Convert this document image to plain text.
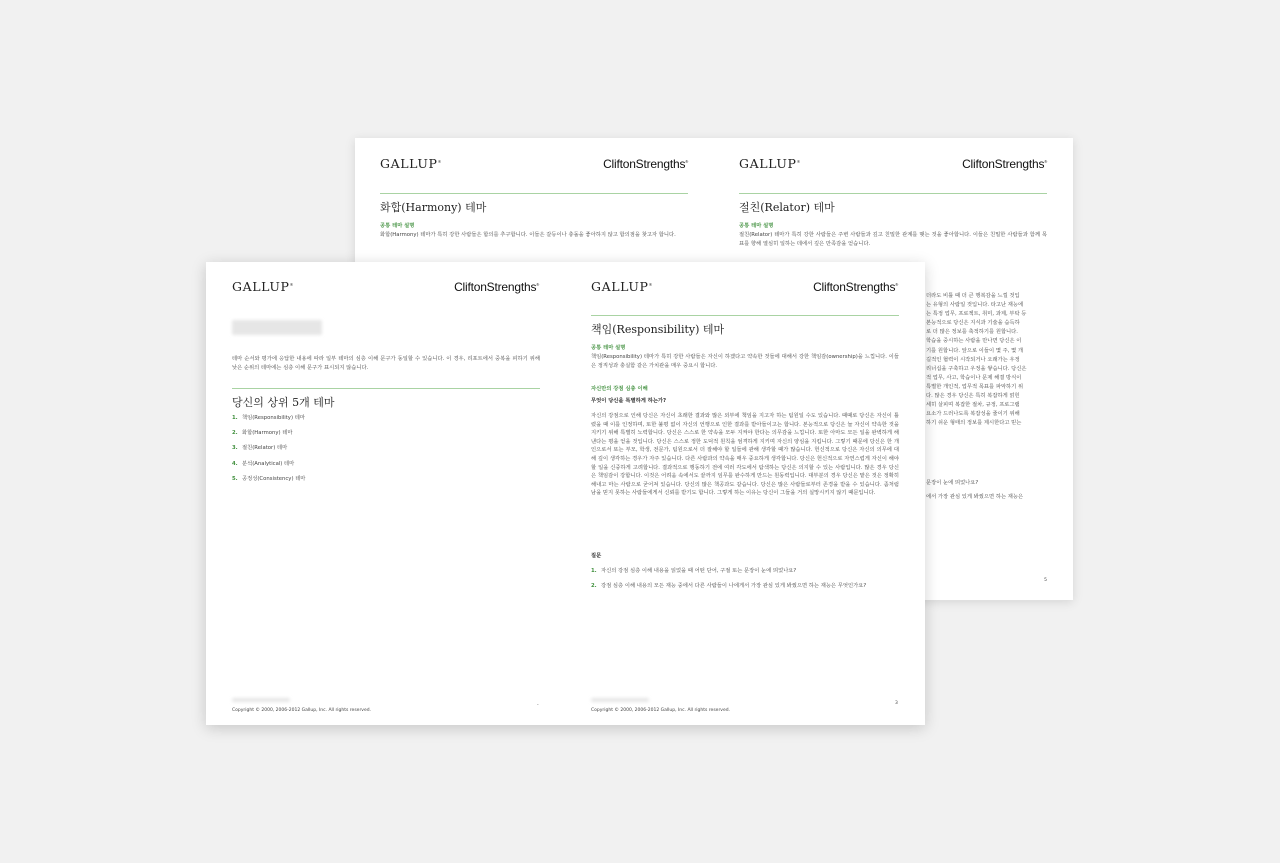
GALLUP®	CliftonStrengths®
화합(Harmony) 테마
공통 테마 설명
화합(Harmony) 테마가 특히 강한 사람들은 합의를 추구합니다. 이들은 갈등이나 충돌을 좋아하지 않고 합의점을 찾고자 합니다.
GALLUP®	CliftonStrengths®
절친(Relator) 테마
공통 테마 설명
절친(Relator) 테마가 특히 강한 사람들은 주변 사람들과 깊고 친밀한 관계를 맺는 것을 좋아합니다. 이들은 친밀한 사람들과 함께 목표를 향해 열심히 일하는 데에서 깊은 만족감을 얻습니다.
5
더라도 비틀 때 더 큰 행복감을 느낄 것입
는 유형의 사람일 것입니다. 타고난 재능에
는 특정 업무, 프로젝트, 취미, 과제, 부탁 등
본능적으로 당신은 지식과 기술을 습득하
로 더 많은 정보를 축적하기를 원합니다.
학습을 중시하는 사람을 만나면 당신은 이
기를 원합니다. 앞으로 이들이 몇 주, 몇 개
길적인 협력이 시작되거나 오래가는 우정
리너십을 구축하고 우정을 쌓습니다. 당신은
적 업무, 사고, 학습이나 문제 해결 방식이
특별한 개인적, 업무적 목표를 파악하기 위
다. 많은 경우 당신은 특히 복잡하게 얽힌
세히 살피며 복잡한 절차, 규정, 프로그램
요소가 드러나도록 복잡성을 줄이기 위해
하기 쉬운 형태의 정보를 제시한다고 믿는
문장이 눈에 띄었나요?
에서 가장 관심 있게 봐줬으면 하는 재능은
GALLUP®	CliftonStrengths®
테마 순서와 평가에 응답한 내용에 따라 일부 테마의 심층 이해 문구가 동일할 수 있습니다. 이 경우, 리포트에서 중복을 피하기 위해 낮은 순위의 테마에는 심층 이해 문구가 표시되지 않습니다.
당신의 상위 5개 테마
1. 책임(Responsibility) 테마
2. 화합(Harmony) 테마
3. 절친(Relator) 테마
4. 분석(Analytical) 테마
5. 공정성(Consistency) 테마
Copyright © 2000, 2006-2012 Gallup, Inc. All rights reserved.
-
GALLUP®	CliftonStrengths®
책임(Responsibility) 테마
공통 테마 설명
책임(Responsibility) 테마가 특히 강한 사람들은 자신이 하겠다고 약속한 것들에 대해서 강한 책임감(ownership)을 느낍니다. 이들은 정직성과 충실함 같은 가치관을 매우 중요시 합니다.
자신만의 강점 심층 이해
무엇이 당신을 특별하게 하는가?
자신의 강점으로 인해 당신은 자신이 초래한 결과와 많은 외부에 책임을 지고자 하는 팀원일 수도 있습니다. 때때로 당신은 자신이 틀렸을 때 이를 인정하며, 또한 불평 없이 자신의 언행으로 인한 결과를 받아들이고는 합니다. 본능적으로 당신은 늘 자신이 약속한 것을 지키기 위해 특별히 노력합니다. 당신은 스스로 한 약속을 모두 지켜야 한다는 의무감을 느낍니다. 또한 아마도 모든 일을 완벽하게 해낸다는 평을 얻을 것입니다. 당신은 스스로 정한 도덕적 원칙을 엄격하게 지키며 자신의 양심을 지킵니다. 그렇기 때문에 당신은 한 개인으로서 또는 부모, 학생, 전문가, 팀원으로서 더 잘해야 할 일들에 관해 생각할 때가 많습니다. 헌신적으로 당신은 자신의 의무에 대해 깊이 생각하는 경우가 자주 있습니다. 다른 사람과의 약속을 매우 중요하게 생각합니다. 당신은 헌신적으로 자연스럽게 자신이 해야 할 일을 신중하게 고려합니다. 결과적으로 행동하기 전에 여러 각도에서 탐색하는 당신은 의지할 수 있는 사람입니다. 많은 경우 당신은 책임감이 강합니다. 이것은 어려움 속에서도 끝까지 임무를 완수하게 만드는 원동력입니다. 대부분의 경우 당신은 맡은 것은 정확히 해내고 마는 사람으로 굳어져 있습니다. 당신의 많은 책공과도 같습니다. 당신은 많은 사람들로부터 존경을 받을 수 있습니다. 좀처럼 남을 믿지 못하는 사람들에게서 신뢰를 받기도 합니다. 그렇게 하는 이유는 당신이 그들을 거의 실망시키지 않기 때문입니다.
질문
1. 자신의 강점 심층 이해 내용을 읽었을 때 어떤 단어, 구절 또는 문장이 눈에 띄었나요?
2. 강점 심층 이해 내용의 모든 재능 중에서 다른 사람들이 나에게서 가장 관심 있게 봐줬으면 하는 재능은 무엇인가요?
Copyright © 2000, 2006-2012 Gallup, Inc. All rights reserved.
3
